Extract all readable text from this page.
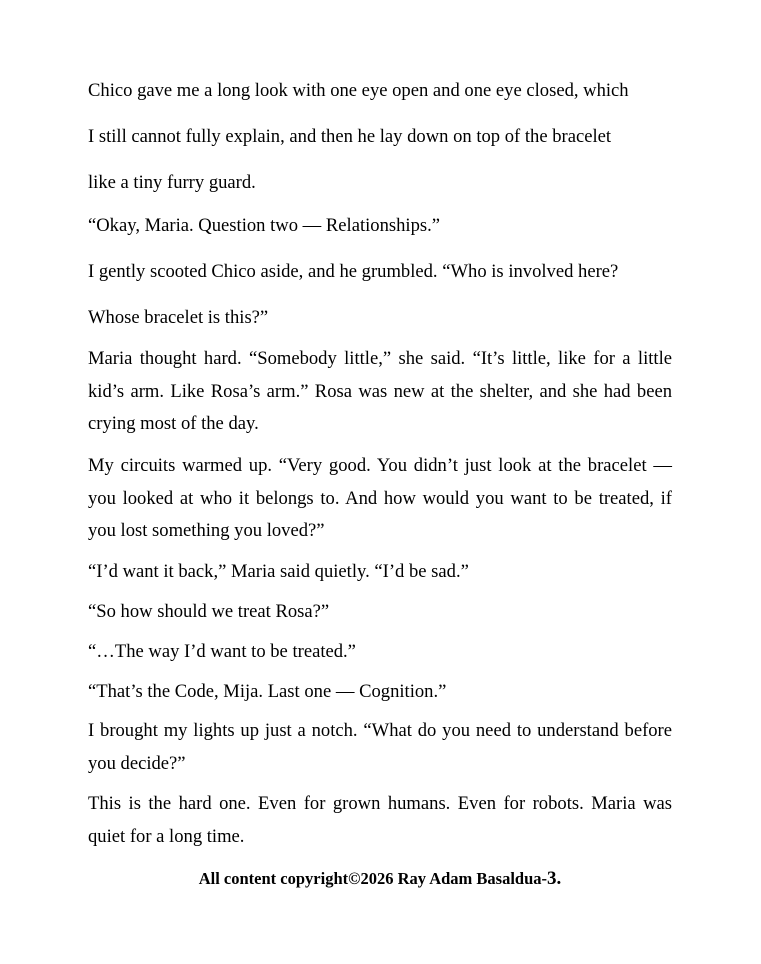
Chico gave me a long look with one eye open and one eye closed, which
I still cannot fully explain, and then he lay down on top of the bracelet
like a tiny furry guard.
“Okay, Maria. Question two — Relationships.”
I gently scooted Chico aside, and he grumbled. “Who is involved here?
Whose bracelet is this?”
Maria thought hard. “Somebody little,” she said. “It’s little, like for a little kid’s arm. Like Rosa’s arm.” Rosa was new at the shelter, and she had been crying most of the day.
My circuits warmed up. “Very good. You didn’t just look at the bracelet — you looked at who it belongs to. And how would you want to be treated, if you lost something you loved?”
“I’d want it back,” Maria said quietly. “I’d be sad.”
“So how should we treat Rosa?”
“…The way I’d want to be treated.”
“That’s the Code, Mija. Last one — Cognition.”
I brought my lights up just a notch. “What do you need to understand before you decide?”
This is the hard one. Even for grown humans. Even for robots. Maria was quiet for a long time.
All content copyright©2026 Ray Adam Basaldua-3.
